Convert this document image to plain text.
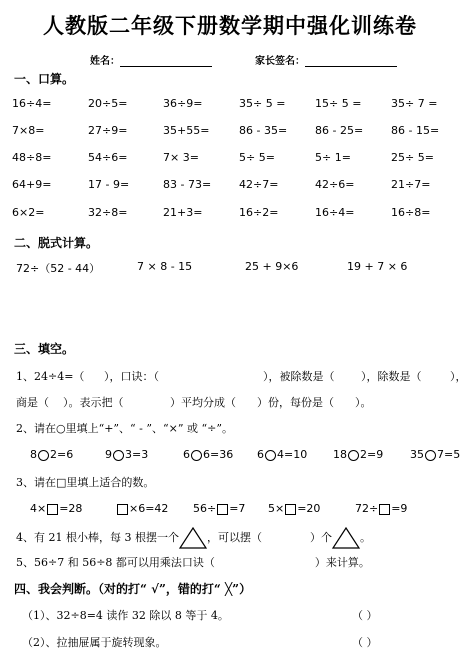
人教版二年级下册数学期中强化训练卷
姓名：	家长签名：
一、口算。
16÷4=	20÷5=	36÷9=	35÷ 5 =	15÷ 5 =	35÷ 7 =
7×8=	27÷9=	35+55=	86 - 35=	86 - 25=	86 - 15=
48÷8=	54÷6=	7× 3=	5÷ 5=	5÷ 1=	25÷ 5=
64+9=	17 - 9=	83 - 73=	42÷7=	42÷6=	21÷7=
6×2=	32÷8=	21+3=	16÷2=	16÷4=	16÷8=
二、脱式计算。
72÷（52 - 44）	7 × 8 - 15	25 + 9×6	19 + 7 × 6
三、填空。
1、24÷4=（ ），口诀：（	），被除数是（ ），除数是（	），
商是（ ）。表示把（	）平均分成（ ）份，每份是（ ）。
2、请在○里填上“+”、“ - ”、“×” 或 “÷”。
8 2=6	9 3=3	6 6=36 6 4=10 18 2=9 35 7=5
3、请在□里填上适合的数。
4× =28	×6=42 56÷ =7 5× =20	72÷ =9
4、有 21 根小棒，每 3 根摆一个	，可以摆（	）个	。
5、56÷7 和 56÷8 都可以用乘法口诀（	）来计算。
四、我会判断。（对的打“ √”，错的打“ ╳”）
（1）、32÷8=4 读作 32 除以 8 等于 4。	（ ）
（2）、拉抽屉属于旋转现象。	（ ）
